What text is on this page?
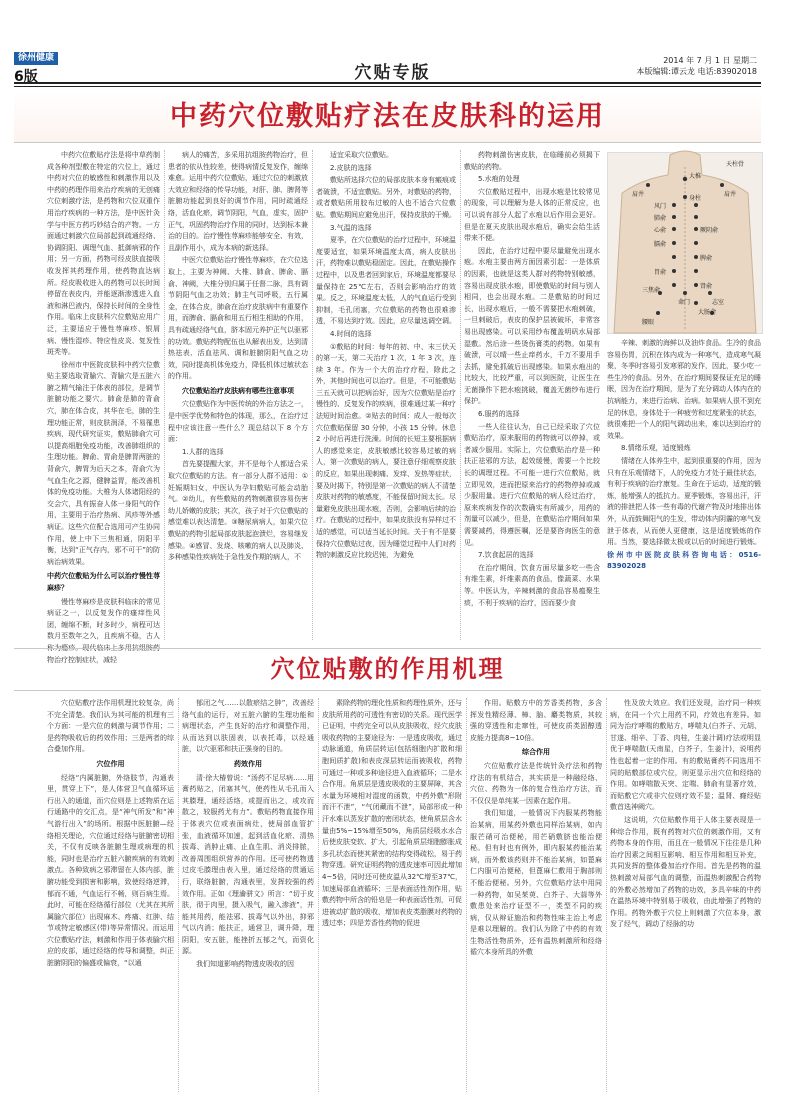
徐州健康
6版	穴贴专版
2014 年 7 月 1 日 星期二
本版编辑:谭云龙 电话:83902018
中药穴位敷贴疗法在皮肤科的运用

中药穴位敷贴疗法是将中草药制成各种剂型敷在特定的穴位上，通过中药对穴位的敏感性和刺激作用以及中药的药理作用来治疗疾病的无创痛穴位刺激疗法，是药物和穴位双重作用治疗疾病的一种方法，是中医针灸学与中医方药巧妙结合的产物。一方面通过刺激穴位局部起到疏通经络、协调阴阳、调理气血、抵御病邪的作用；另一方面，药物可经皮肤直接吸收发挥其药理作用，使药物直达病所。经皮吸收进入的药物可以长时间停留在表皮内，并能逐渐渗透进入血液和淋巴液内，保持长时间的全身性作用。临床上皮肤科穴位敷贴应用广泛，主要适应于慢性荨麻疹、银屑病、慢性湿疹、特应性皮炎、复发性斑秃等。

徐州市中医院皮肤科中药穴位敷贴主要选取背腧穴、背腧穴是五脏六腑之精气输注于体表的部位，是调节脏腑功能之要穴。肺俞是肺的背俞穴，肺在体合皮，其华在毛，肺的生理功能正常，则皮肤润泽，不易罹患疾病，现代研究证实，敷贴肺俞穴可以提高细胞免疫功能，改善肺组织的生理功能。脾俞、胃俞是脾胃两脏的背俞穴，脾胃为后天之本，背俞穴为气血生化之源，健脾益胃，能改善机体的免疫功能。大椎为人体诸阳经的交会穴，具有振奋人体一身阳气的作用，主要用于治疗热病、风疹等外感病证。这些穴位配合选用可产生协同作用，使上中下三焦相通，阴阳平衡，达到“正气存内，邪不可干”的防病治病效果。

中药穴位敷贴为什么可以治疗慢性荨麻疹？

慢性荨麻疹是皮肤科临床的常见病证之一，以反复发作的瘙痒性风团，缠绵不断，时多时少，病程可达数月至数年之久，且疾病不稳，古人称为瘾疹。现代临床上多用抗组胺药物治疗控制症状，减轻

病人的痛苦，多采用抗组胺药物治疗，但患者的依从性较差，使得病情反复发作，缠绵难愈。运用中药穴位敷贴，通过穴位的刺激放大效应和经络的传导功能，对肝、肺、脾肾等脏腑功能起到良好的调节作用，同时疏通经络，活血化瘀，调节阴阳，气血，虚实，固护正气，巩固药物治疗作用的同时，达到标本兼治的目的。治疗慢性荨麻疹能够安全、有效，且副作用小，成为本病的新选择。

中医穴位敷贴治疗慢性荨麻疹，在穴位选取上，主要为神阙、大椎、肺俞、脾俞、膈俞、神阙，大椎分别归属于任督二脉，具有调节阴阳气血之功效；肺主气司呼吸，五行属金，在体合皮，肺俞在治疗皮肤病中有重要作用，而脾俞、膈俞和用五行相生相助的作用，具有疏通经络气血，脐本固元养护正气以驱邪的功效。敷贴药物配伍也从解表出发，达到清热祛表、活血祛风、调和脏腑阴阳气血之功效，同时提高机体免疫力，降低机体过敏状态的作用。

穴位敷贴治疗皮肤病有哪些注意事项

穴位敷贴作为中医传统的外治方法之一，是中医学优势和特色的体现，那么，在治疗过程中应该注意一些什么？现总结以下 8 个方面：

1.人群的选择

首先要提醒大家，并不是每个人都适合采取穴位敷贴的方法。有一部分人群不适用：①妊娠期妇女，中医认为孕妇敷贴可能会动胎气。②幼儿，有些敷贴的药物刺激很容易伤害幼儿娇嫩的皮肤；其次，孩子对于穴位敷贴的感觉难以表达清楚。③糖尿病病人，如果穴位敷贴的药物引起局部皮肤起泡溃烂，容易继发感染。④感冒、发烧、咳嗽的病人以及肺炎、多种感染性疾病处于急性发作期的病人，不

适宜采取穴位敷贴。

2.皮肤的选择

敷贴所选择穴位的局部皮肤本身有瘢痕或者破溃，不适宜敷贴。另外，对敷贴的药物，或者敷贴所用胶布过敏的人也不适合穴位敷贴。敷贴期间应避免出汗，保持皮肤的干燥。

3.气温的选择

夏季，在穴位敷贴的治疗过程中，环境温度要适宜，如果环境温度太高，病人皮肤出汗，药物难以敷贴稳固定。因此，在敷贴操作过程中，以及患者回到家后，环境温度都要尽量保持在 25℃左右，否则会影响治疗的效果。反之，环境温度太低，人的气血运行受到抑制，毛孔闭塞，穴位敷贴的药物也很难渗透，不易达到疗效。因此，应尽量选调空调。

4.时间的选择

①敷贴的时间：每年的初、中、末三伏天的第一天，第二天治疗 1 次，1 年 3 次，连续 3 年。作为一个大的治疗疗程，除此之外，其他时间也可以治疗。但是，不可能敷贴三五天就可以把病治好，因为穴位敷贴是治疗慢性的、反复发作的疾病，很难通过某一种疗法短时间治愈。②贴去的时间：成人一般每次穴位敷贴保留 30 分钟，小孩 15 分钟。休息 2 小时后再进行洗澡。时间的长短主要根据病人的感觉来定，皮肤敏感比较容易过敏的病人，第一次敷贴的病人，要注意仔细观察皮肤的反应，如果出现刺痛、发痒、发热等症状，要及时揭下，特别是第一次敷贴的病人不清楚皮肤对药物的敏感度，不能保留时间太长。尽量避免皮肤出现水疱，否则，会影响后续的治疗。在敷贴的过程中，如果皮肤没有异样过不适的感觉，可以适当延长时间。关于有不是要保持穴位敷贴过夜，因为睡觉过程中人们对药物的刺激反应比较迟钝，为避免

药物刺激伤害皮肤，在临睡前必须揭下敷贴的药物。

5.水疱的处理

穴位敷贴过程中，出现水疱是比较常见的现象，可以理解为是人体的正常反应，也可以说有部分人起了水疱以后作用会更好。但是在夏天皮肤出现水疱后，确实会给生活带来不便。

因此，在治疗过程中要尽量避免出现水疱。水疱主要由两方面因素引起：一是体质的因素，也就是这类人群对药物特别敏感，容易出现皮肤水疱，即使敷贴的时间与别人相同，也会出现水疱。二是敷贴的时间过长，出现水疱后，一般不需要把水疱刺破，一旦刺破后，表皮的保护层被破坏，非常容易出现感染。可以采用纱布覆盖明矾水局部湿敷。然后涂一些烫伤膏类的药物。如果有破溃，可以晴一些止痒药水，千万不要用手去抓，避免抓破后出现感染。如果水疱出的比较大，比较严重，可以到医院，让医生在无菌操作下把水疱挑破，覆盖无菌纱布进行保护。

6.服药的选择

一些人往往认为，自己已经采取了穴位敷贴治疗，原来服用的药物就可以停掉，或者减少服用。实际上，穴位敷贴治疗是一种扶正祛邪的方法，起效缓慢，需要一个比较长的调理过程。不可能一进行穴位敷贴，就立即见效，进而把原来治疗的药物停掉或减少服用量。进行穴位敷贴的病人经过治疗，原来疾病发作的次数确实有所减少，用药的剂量可以减少，但是，在敷贴治疗期间如果需要减药，得遵医嘱，还是要咨询医生的意见。

7.饮食起居的选择

在治疗期间，饮食方面尽量多吃一些含有维生素，纤维素高的食品，像蔬菜、水果等。中医认为，辛辣刺激的食品容易瘟聚生痰，不利于疾病的治疗，因而要少食

辛辣、刺激的海鲜以及油炸食品。生冷的食品容易伤胃，沉积在体内成为一种寒气，造成寒气凝聚，冬季时容易引发寒邪的发作，因此，要少吃一些生冷的食品。另外，在治疗期间要保证充足的睡眠，因为在治疗期间，是为了充分调动人体内在的抗病能力，来进行治病、治病。如果病人很不到充足的休息，身体处于一种疲劳和过度紧张的状态，就很难把一个人的阳气调动出来，难以达到治疗的效果。

8.情绪乐观，适度锻炼

情绪在人体养生中，起到很重要的作用，因为只有在乐观情绪下，人的免疫力才处于最佳状态，有利于疾病的治疗康复。生命在于运动，适度的锻炼，能增强人的抵抗力。夏季锻炼，容易出汗，汗液的排泄把人体一些有毒的代谢产物及时地排出体外，从而鼓舞阳气的生发，带动体内阴霾的寒气发泄于体表，从而使人更健康，这是适度锻炼的作用。当然，要选择微太极或以后的时间进行锻炼。

徐州市中医院皮肤科咨询电话：0516-83902028

大椎
天柱骨
肩井
身柱
肩井
风门
肺俞
心俞	厥阴俞
膈俞
脾俞
胃俞
肾俞
命门	志室
三焦俞
大肠俞
腰眼
穴位贴敷的作用机理

穴位贴敷疗法作用机理比较复杂，尚不完全清楚。我们认为其可能的机理有三个方面：一是穴位的刺激与调节作用；二是药物吸收后的药效作用；三是两者的综合叠加作用。

穴位作用

经络“内属脏腑，外络肢节，沟通表里，贯穿上下”，是人体营卫气血循环运行出入的通道，而穴位则是上述物质在运行通路中的交汇点，是“神气所发”和“神气游行出入”的场所。根据中医脏腑—经络相关理论，穴位通过经络与脏腑密切相关，不仅有反映各脏腑生理或病理的机能，同时也是治疗五脏六腑疾病的有效刺激点。各种致病之邪滞留在人体内部，脏腑功能受到损害和影响，致使经络逆滞，郁而不通，气血运行不畅，则百病生焉。此时，可能在经络循行部位（尤其在其所属腧穴部位）出现麻木、疼痛、红肿、结节或特定敏感区(带)等异常情况。而运用穴位敷贴疗法，刺激和作用于体表腧穴相应的皮部，通过经络的传导和调整，纠正脏腑阴阳的偏盛或偏衰，“以通

郁闭之气……以散瘀结之肿”，改善经络气血的运行，对五脏六腑的生理功能和病理状态，产生良好的治疗和调整作用，从而达到以肤固表，以表托毒，以经通脏，以穴驱邪和扶正强身的目的。

药效作用

清·徐大椿曾说：“汤药不足尽病……用膏药贴之，闭塞其气，使药性从毛孔而入其腠理，通经活络，或提而出之，或攻而散之，较服药尤有力”。敷贴药物直接作用于体表穴位或表面病灶，使局部血管扩张，血液循环加速，起到活血化瘀、清热拔毒、消肿止痛、止血生肌、消炎排脓，改善周围组织营养的作用。还可使药物透过皮毛腠理由表入里，通过经络的贯通运行，联络脏腑，沟通表里，发挥较强的药效作用。正如《理瀹骈文》所言：“切于皮肤，彻于肉里，摄入吸气，融入渗液”，并能其用药，能祛邪、拔毒气以外出，抑邪气以内消；能扶正，通营卫，调升降，理阴阳，安五脏，能挫折五郁之气，而资化源。

我们知道影响药物透皮吸收的因

素除药物的理化性质和药理性质外，还与皮肤所用药的可透性有密切的关系。现代医学已证明，中药完全可以从皮肤吸收，经穴皮肤吸收药物的主要途径为：一是透皮吸收，通过动脉通道，角质层转运(包括细胞内扩散和细胞间质扩散)和表皮深层转运而被吸收，药物可通过一种或多种途径进入血液循环；二是水合作用。角质层是透皮吸收的主要屏障，其含水量为环境相对湿度的函数，中药外敷“形附而汗不泄”，“气闭藏而不泄”，局部形成一种汗水难以蒸发扩散的密闭状态，使角质层含水量由5%~15%增至50%，角质层经吸水水合后使皮肤变软、扩大，引起角质层细胞膨胀成多孔状态而使其紧密的结构变得疏松，易于药物穿透。研究证明药物的透皮速率可因此增加4~5倍，同时还可使皮温从32℃增至37℃，加速局部血液循环；三是表面活性剂作用，贴敷药物中所含的铅皂是一种表面活性剂，可促进被动扩散的吸收，增加表皮类脂膜对药物的透过率；四是芳香性药物的促进

作用。贴敷方中的芳香类药物，多含挥发性精经薄、樟、脑、麝类物质，其较强的穿透性和走窜性，可使皮质类固醇透皮能力提高8~10倍。

综合作用

穴位贴敷疗法是传统针灸疗法和药物疗法的有机结合，其实质是一种融经络、穴位、药物为一体的复合性治疗方法，而不仅仅是单纯某一因素在起作用。

我们知道，一般情况下内服某药物能治某病，用某药外敷也同样治某病，如内服芒硝可治便秘，用芒硝敷脐也能治便秘。但有时也有例外，即内服某药能治某病，而外敷该药则并不能治某病，如蓖麻仁内服可治便秘，但蓖麻仁敷用于胸部则不能治便秘。另外，穴位敷贴疗法中用同一种药物，如吴茱萸、白芥子、大蒜等外敷患处来治疗证型不一，类型不同的疾病，仅从辩证施治和药物性味主治上考虑是难以理解的。我们认为除了中药的有效生物活性物质外，还有温热刺激所和经络循穴本身所具的外敷

性及放大效应。我们还发现，治疗同一种疾病，在同一个穴上用药不同，疗效也有差异。如同为治疗哮喘的敷贴方，哮喘丸(白芥子、元胡、甘遂、细辛、丁香、肉桂，生姜汁调)疗法或明显优于哮喘散(天南星，白芥子，生姜汁)，说明药性也起着一定的作用。有的敷贴膏药不同选用不同的贴敷部位或穴位，则更显示出穴位和经络的作用。如哮喘散天突、定喘、肺俞有显著疗效，而贴敷它穴或非穴位则疗效不显；温肾、癃经贴敷首选神阙穴。

这说明，穴位贴敷作用于人体主要表现是一种综合作用，既有药物对穴位的刺激作用，又有药物本身的作用，而且在一般情况下往往是几种治疗因素之间相互影响、相互作用和相互补充，共同发挥的整体叠加治疗作用。首先是药物的温热刺激对局部气血的调整，而温热刺激配合药物的外敷必然增加了药物的功效，多具辛味的中药在温热环境中特别易于吸收，由此增强了药物的作用。药物外敷于穴位上则刺激了穴位本身，激发了经气，调动了经脉的功
